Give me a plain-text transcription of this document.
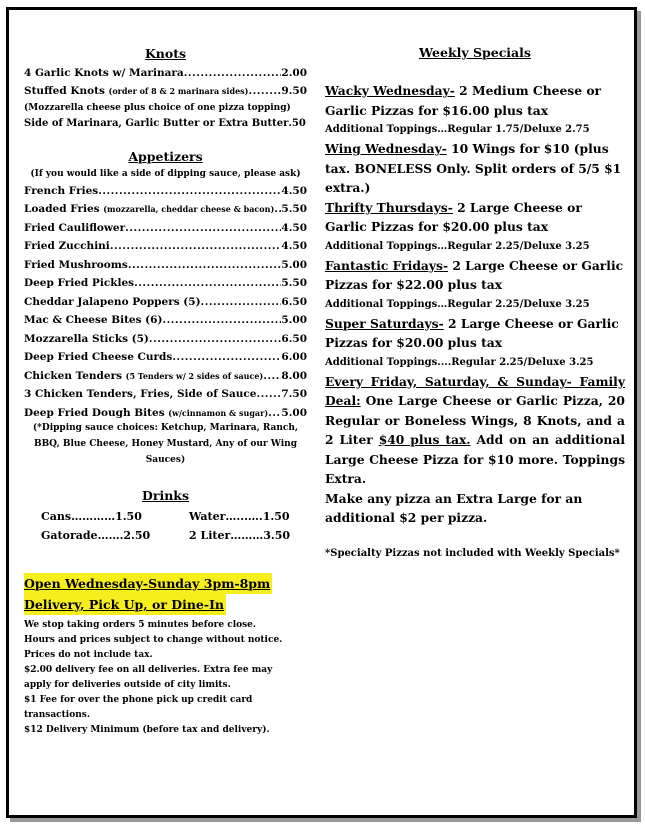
Knots
4 Garlic Knots w/ Marinara .....	2.00
Stuffed Knots (order of 8 & 2 marinara sides) .....	9.50
(Mozzarella cheese plus choice of one pizza topping)
Side of Marinara, Garlic Butter or Extra Butter .50
Appetizers
(If you would like a side of dipping sauce, please ask)
French Fries .....	4.50
Loaded Fries (mozzarella, cheddar cheese & bacon) ..... 5.50
Fried Cauliflower .....	4.50
Fried Zucchini .....	4.50
Fried Mushrooms .....	5.00
Deep Fried Pickles .....	5.50
Cheddar Jalapeno Poppers (5) .....	6.50
Mac & Cheese Bites (6) .....	5.00
Mozzarella Sticks (5) .....	6.50
Deep Fried Cheese Curds .....	6.00
Chicken Tenders (5 Tenders w/ 2 sides of sauce) ..... 8.00
3 Chicken Tenders, Fries, Side of Sauce ..... 7.50
Deep Fried Dough Bites (w/cinnamon & sugar) ..... 5.00
(*Dipping sauce choices: Ketchup, Marinara, Ranch, BBQ, Blue Cheese, Honey Mustard, Any of our Wing Sauces)
Drinks
Cans…………1.50	Water…...….1.50
Gatorade…….2.50	2 Liter………3.50
Open Wednesday-Sunday 3pm-8pm
Delivery, Pick Up, or Dine-In
We stop taking orders 5 minutes before close.
Hours and prices subject to change without notice.
Prices do not include tax.
$2.00 delivery fee on all deliveries. Extra fee may apply for deliveries outside of city limits.
$1 Fee for over the phone pick up credit card transactions.
$12 Delivery Minimum (before tax and delivery).
Weekly Specials
Wacky Wednesday- 2 Medium Cheese or Garlic Pizzas for $16.00 plus tax
Additional Toppings…Regular 1.75/Deluxe 2.75
Wing Wednesday- 10 Wings for $10 (plus tax. BONELESS Only. Split orders of 5/5 $1 extra.)
Thrifty Thursdays- 2 Large Cheese or Garlic Pizzas for $20.00 plus tax
Additional Toppings…Regular 2.25/Deluxe 3.25
Fantastic Fridays- 2 Large Cheese or Garlic Pizzas for $22.00 plus tax
Additional Toppings…Regular 2.25/Deluxe 3.25
Super Saturdays- 2 Large Cheese or Garlic Pizzas for $20.00 plus tax
Additional Toppings....Regular 2.25/Deluxe 3.25
Every Friday, Saturday, & Sunday- Family Deal: One Large Cheese or Garlic Pizza, 20 Regular or Boneless Wings, 8 Knots, and a 2 Liter $40 plus tax. Add on an additional Large Cheese Pizza for $10 more. Toppings Extra.
Make any pizza an Extra Large for an additional $2 per pizza.
*Specialty Pizzas not included with Weekly Specials*
